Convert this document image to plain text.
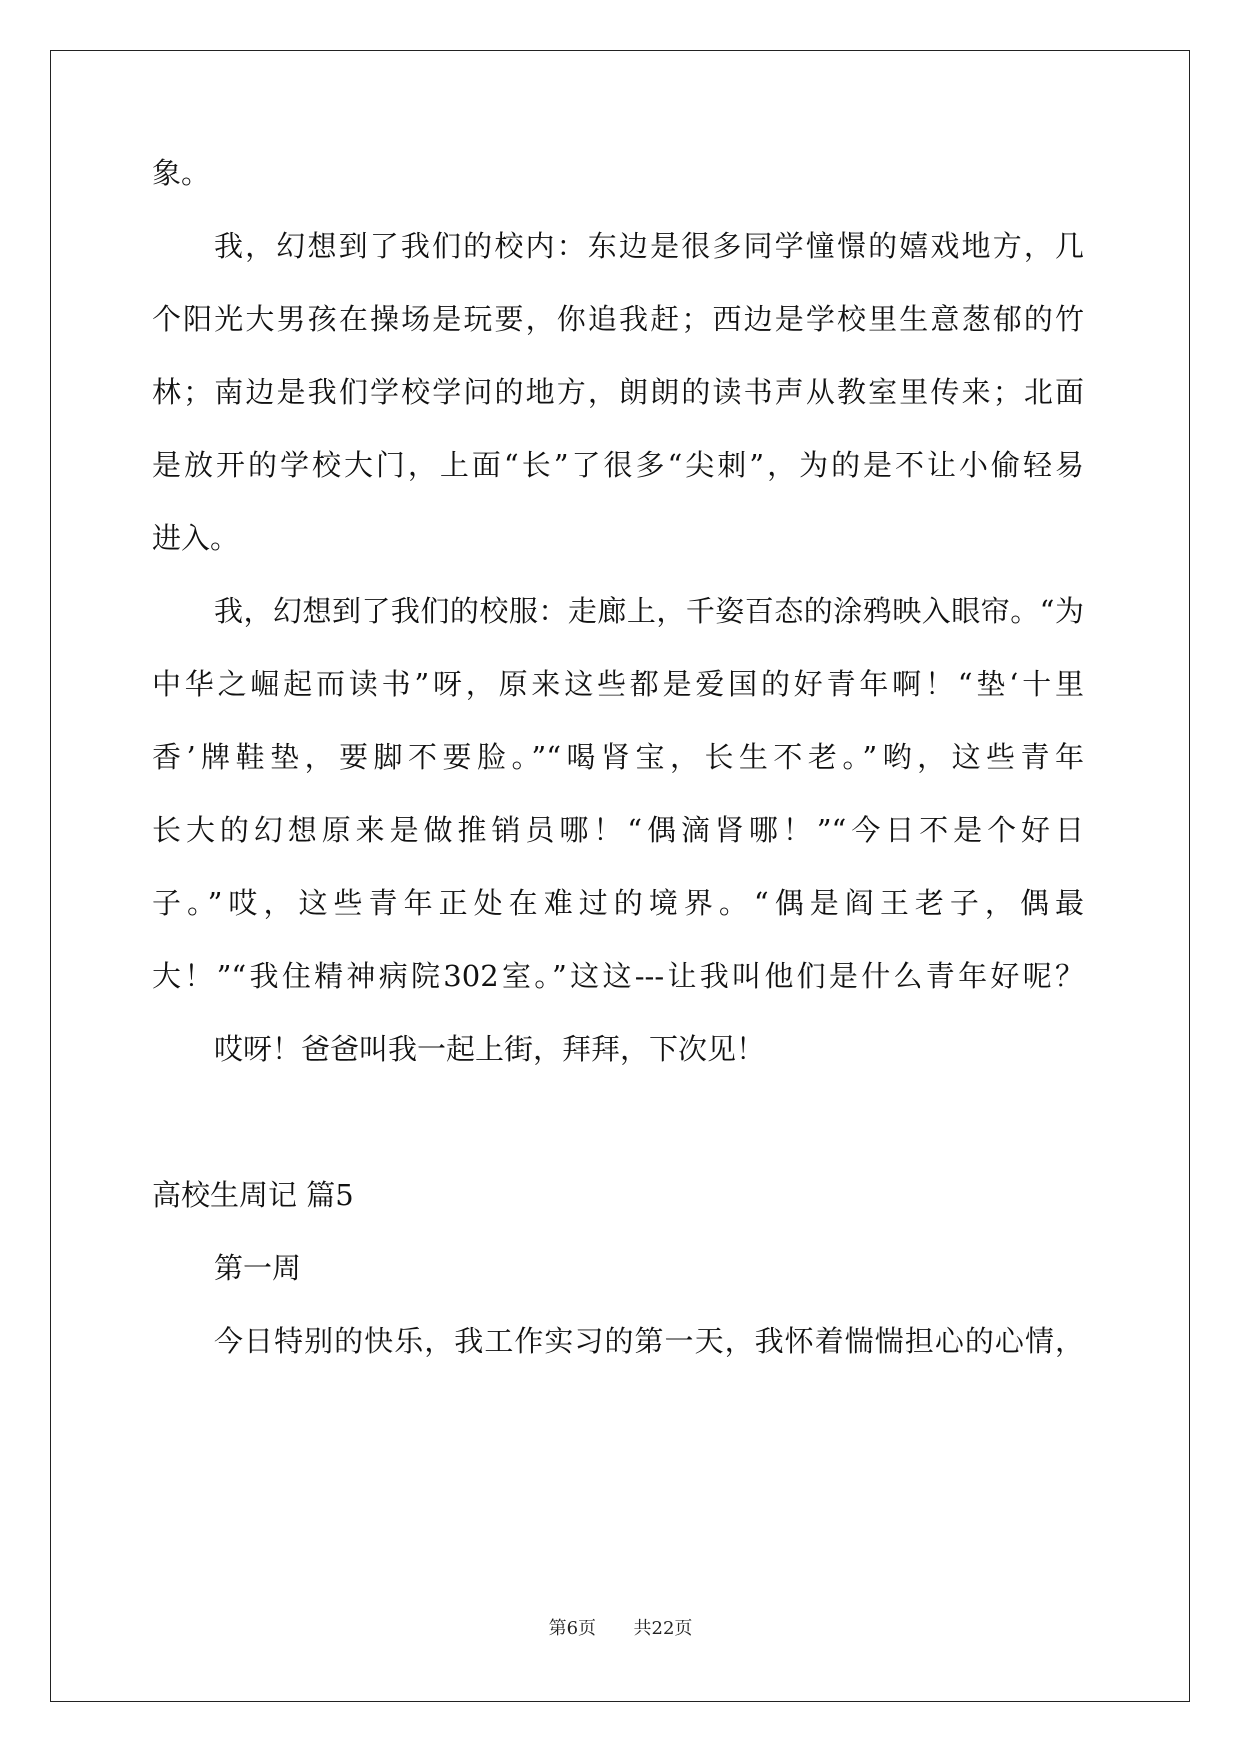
象。
我，幻想到了我们的校内：东边是很多同学憧憬的嬉戏地方，几
个阳光大男孩在操场是玩要，你追我赶；西边是学校里生意葱郁的竹
林；南边是我们学校学问的地方，朗朗的读书声从教室里传来；北面
是放开的学校大门，上面“长”了很多“尖刺”，为的是不让小偷轻易
进入。
我，幻想到了我们的校服：走廊上，千姿百态的涂鸦映入眼帘。“为
中华之崛起而读书”呀，原来这些都是爱国的好青年啊！“垫‘十里
香’牌鞋垫，要脚不要脸。”“喝肾宝，长生不老。”哟，这些青年
长大的幻想原来是做推销员哪！“偶滴肾哪！”“今日不是个好日
子。”哎，这些青年正处在难过的境界。“偶是阎王老子，偶最
大！”“我住精神病院302室。”这这---让我叫他们是什么青年好呢？
哎呀！爸爸叫我一起上街，拜拜，下次见！
高校生周记 篇5
第一周
今日特别的快乐，我工作实习的第一天，我怀着惴惴担心的心情，
第6页 共22页
